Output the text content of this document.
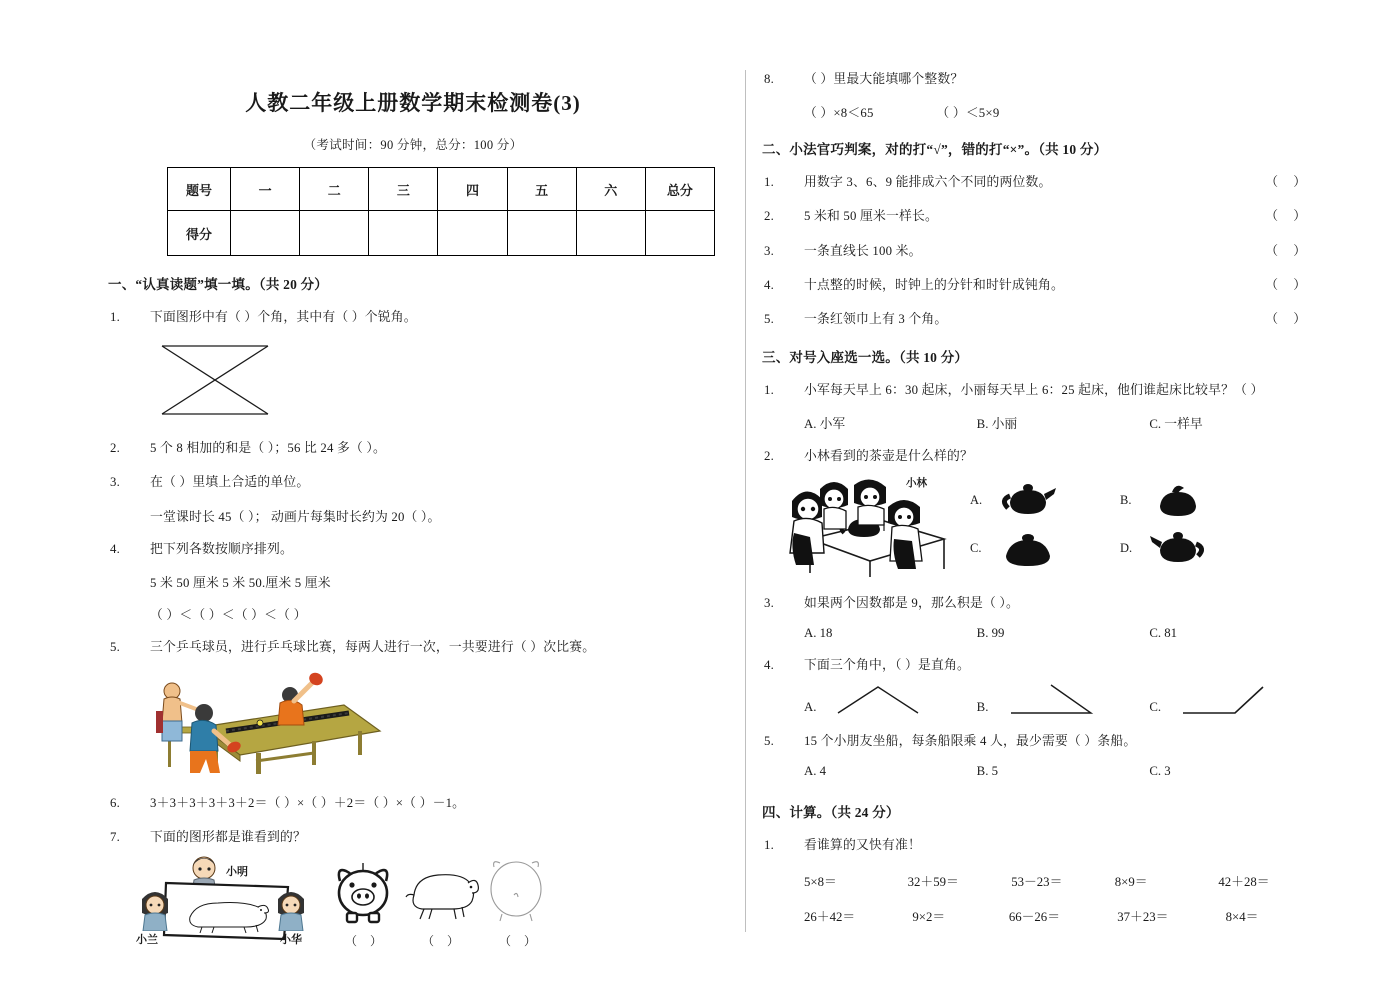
人教二年级上册数学期末检测卷(3)
（考试时间：90 分钟，总分：100 分）
题号	一	二	三	四	五	六	总分
得分							
一、“认真读题”填一填。（共 20 分）
1. 下面图形中有（ ）个角，其中有（ ）个锐角。
2. 5 个 8 相加的和是（ ）；56 比 24 多（ ）。
3. 在（ ）里填上合适的单位。
一堂课时长 45（ ）； 动画片每集时长约为 20（ ）。
4. 把下列各数按顺序排列。
5 米 50 厘米 5 米 50.厘米 5 厘米
（ ）＜（ ）＜（ ）＜（ ）
5. 三个乒乓球员，进行乒乓球比赛，每两人进行一次，一共要进行（ ）次比赛。
6. 3＋3＋3＋3＋3＋2＝（ ）×（ ）＋2＝（ ）×（ ）－1。
7. 下面的图形都是谁看到的？
小明
小兰	小华	（ ）	（ ）	（ ）
8. （ ）里最大能填哪个整数？
（ ）×8＜65	（ ）＜5×9
二、小法官巧判案，对的打“√”，错的打“×”。（共 10 分）
1. 用数字 3、6、9 能排成六个不同的两位数。	（ ）
2. 5 米和 50 厘米一样长。	（ ）
3. 一条直线长 100 米。	（ ）
4. 十点整的时候，时钟上的分针和时针成钝角。	（ ）
5. 一条红领巾上有 3 个角。	（ ）
三、对号入座选一选。（共 10 分）
1. 小军每天早上 6：30 起床，小丽每天早上 6：25 起床，他们谁起床比较早？（ ）
A. 小军	B. 小丽	C. 一样早
2. 小林看到的茶壶是什么样的？
小林
A.	B.
C.	D.
3. 如果两个因数都是 9，那么积是（ ）。
A. 18	B. 99	C. 81
4. 下面三个角中，（ ）是直角。
A.	B.	C.
5. 15 个小朋友坐船，每条船限乘 4 人，最少需要（ ）条船。
A. 4	B. 5	C. 3
四、计算。（共 24 分）
1. 看谁算的又快有准！
5×8＝	32＋59＝	53－23＝	8×9＝	42＋28＝
26＋42＝	9×2＝	66－26＝	37＋23＝	8×4＝
